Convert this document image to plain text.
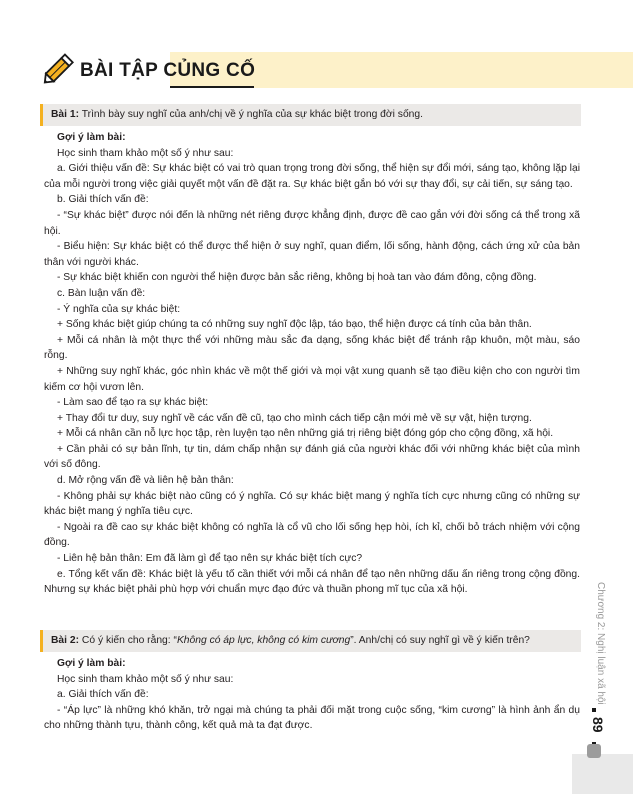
BÀI TẬP CỦNG CỐ
Bài 1: Trình bày suy nghĩ của anh/chị về ý nghĩa của sự khác biệt trong đời sống.

Gợi ý làm bài:

Học sinh tham khảo một số ý như sau:

a. Giới thiệu vấn đề: Sự khác biệt có vai trò quan trọng trong đời sống, thể hiện sự đổi mới, sáng tạo, không lặp lại của mỗi người trong việc giải quyết một vấn đề đặt ra. Sự khác biệt gắn bó với sự thay đổi, sự cải tiến, sự sáng tạo.

b. Giải thích vấn đề:

- “Sự khác biệt” được nói đến là những nét riêng được khẳng định, được đề cao gắn với đời sống cá thể trong xã hội.

- Biểu hiện: Sự khác biệt có thể được thể hiện ở suy nghĩ, quan điểm, lối sống, hành động, cách ứng xử của bản thân với người khác.

- Sự khác biệt khiến con người thể hiện được bản sắc riêng, không bị hoà tan vào đám đông, cộng đồng.

c. Bàn luận vấn đề:

- Ý nghĩa của sự khác biệt:

+ Sống khác biệt giúp chúng ta có những suy nghĩ độc lập, táo bạo, thể hiện được cá tính của bản thân.

+ Mỗi cá nhân là một thực thể với những màu sắc đa dạng, sống khác biệt để tránh rập khuôn, một màu, sáo rỗng.

+ Những suy nghĩ khác, góc nhìn khác về một thế giới và mọi vật xung quanh sẽ tạo điều kiện cho con người tìm kiếm cơ hội vươn lên.

- Làm sao để tạo ra sự khác biệt:

+ Thay đổi tư duy, suy nghĩ về các vấn đề cũ, tạo cho mình cách tiếp cận mới mẻ về sự vật, hiện tượng.

+ Mỗi cá nhân cần nỗ lực học tập, rèn luyện tạo nên những giá trị riêng biệt đóng góp cho cộng đồng, xã hội.

+ Cần phải có sự bản lĩnh, tự tin, dám chấp nhận sự đánh giá của người khác đối với những khác biệt của mình với số đông.

d. Mở rộng vấn đề và liên hệ bản thân:

- Không phải sự khác biệt nào cũng có ý nghĩa. Có sự khác biệt mang ý nghĩa tích cực nhưng cũng có những sự khác biệt mang ý nghĩa tiêu cực.

- Ngoài ra đề cao sự khác biệt không có nghĩa là cổ vũ cho lối sống hẹp hòi, ích kỉ, chối bỏ trách nhiệm với cộng đồng.

- Liên hệ bản thân: Em đã làm gì để tạo nên sự khác biệt tích cực?

e. Tổng kết vấn đề: Khác biệt là yếu tố cần thiết với mỗi cá nhân để tạo nên những dấu ấn riêng trong cộng đồng. Nhưng sự khác biệt phải phù hợp với chuẩn mực đạo đức và thuần phong mĩ tục của xã hội.

Bài 2: Có ý kiến cho rằng: “Không có áp lực, không có kim cương”. Anh/chị có suy nghĩ gì về ý kiến trên?

Gợi ý làm bài:

Học sinh tham khảo một số ý như sau:

a. Giải thích vấn đề:

- “Áp lực” là những khó khăn, trở ngại mà chúng ta phải đối mặt trong cuộc sống, “kim cương” là hình ảnh ẩn dụ cho những thành tựu, thành công, kết quả mà ta đạt được.

Chương 2: Nghị luận xã hội
89
